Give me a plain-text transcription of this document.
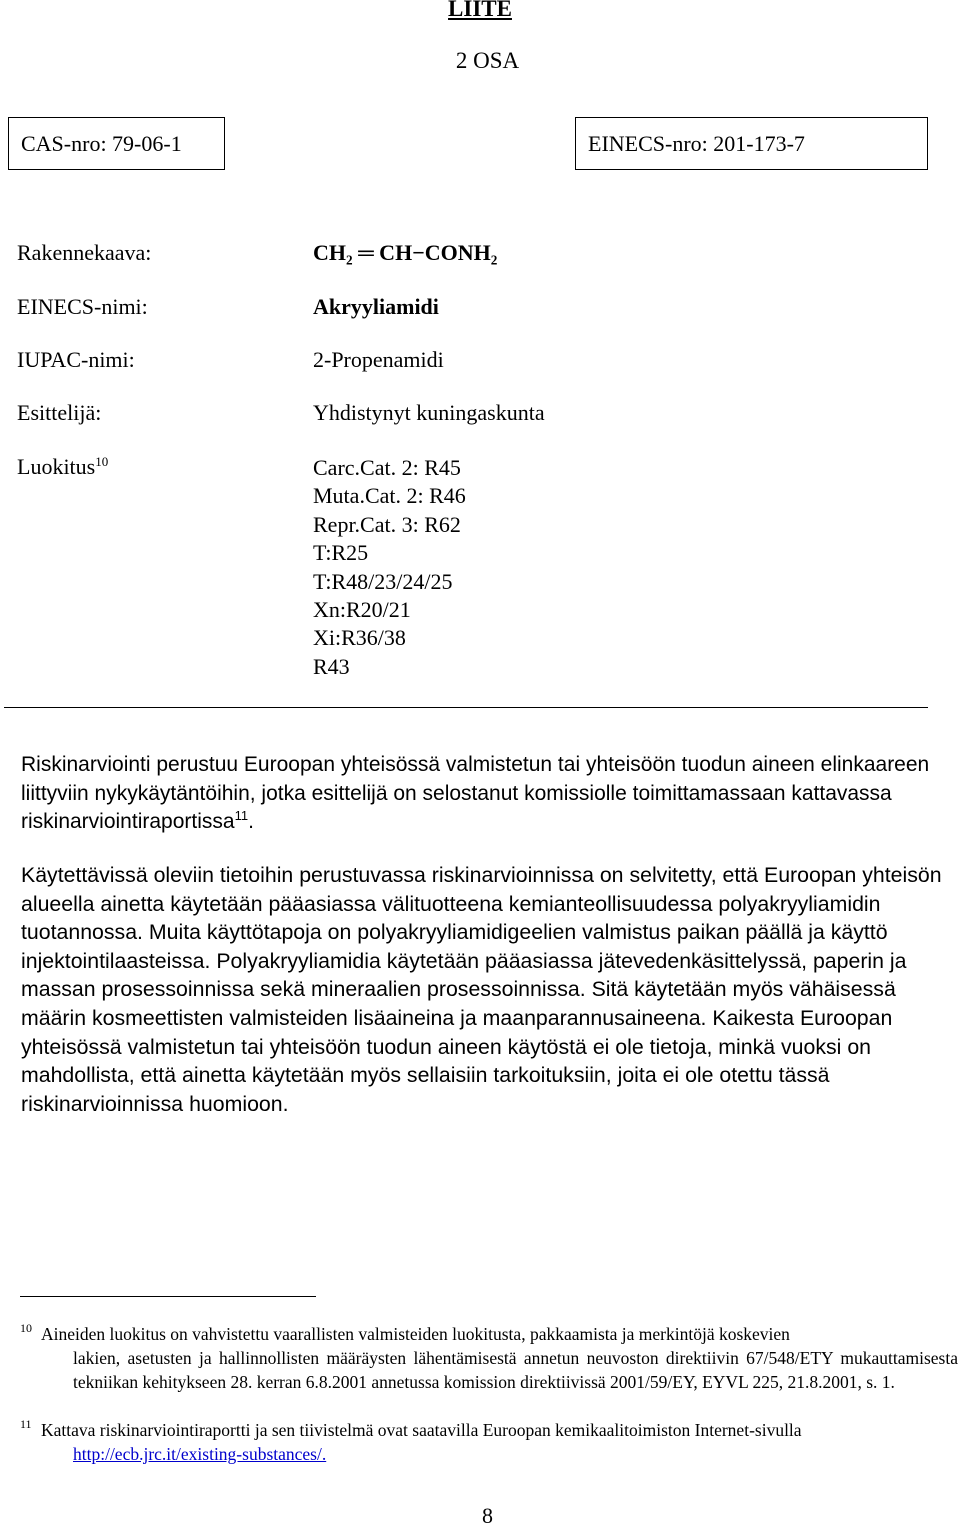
LIITE
2 OSA
CAS-nro: 79-06-1	EINECS-nro: 201-173-7
Rakennekaava:	CH₂ ═ CH−CONH₂
EINECS-nimi:	Akryyliamidi
IUPAC-nimi:	2-Propenamidi
Esittelijä:	Yhdistynyt kuningaskunta
Luokitus$^{10}$	Carc.Cat. 2: R45
Muta.Cat. 2: R46
Repr.Cat. 3: R62
T:R25
T:R48/23/24/25
Xn:R20/21
Xi:R36/38
R43
Riskinarviointi perustuu Euroopan yhteisössä valmistetun tai yhteisöön tuodun aineen elinkaareen liittyviin nykykäytäntöihin, jotka esittelijä on selostanut komissiolle toimittamassaan kattavassa riskinarviointiraportissa$^{11}$.
Käytettävissä oleviin tietoihin perustuvassa riskinarvioinnissa on selvitetty, että Euroopan yhteisön alueella ainetta käytetään pääasiassa välituotteena kemianteollisuudessa polyakryyliamidin tuotannossa. Muita käyttötapoja on polyakryyliamidigeelien valmistus paikan päällä ja käyttö injektointilaasteissa. Polyakryyliamidia käytetään pääasiassa jätevedenkäsittelyssä, paperin ja massan prosessoinnissa sekä mineraalien prosessoinnissa. Sitä käytetään myös vähäisessä määrin kosmeettisten valmisteiden lisäaineina ja maanparannusaineena. Kaikesta Euroopan yhteisössä valmistetun tai yhteisöön tuodun aineen käytöstä ei ole tietoja, minkä vuoksi on mahdollista, että ainetta käytetään myös sellaisiin tarkoituksiin, joita ei ole otettu tässä riskinarvioinnissa huomioon.
10 Aineiden luokitus on vahvistettu vaarallisten valmisteiden luokitusta, pakkaamista ja merkintöjä koskevien
lakien, asetusten ja hallinnollisten määräysten lähentämisestä annetun neuvoston direktiivin 67/548/ETY mukauttamisesta tekniikan kehitykseen 28. kerran 6.8.2001 annetussa komission direktiivissä 2001/59/EY, EYVL 225, 21.8.2001, s. 1.
11 Kattava riskinarviointiraportti ja sen tiivistelmä ovat saatavilla Euroopan kemikaalitoimiston Internet-sivulla
http://ecb.jrc.it/existing-substances/.
8
